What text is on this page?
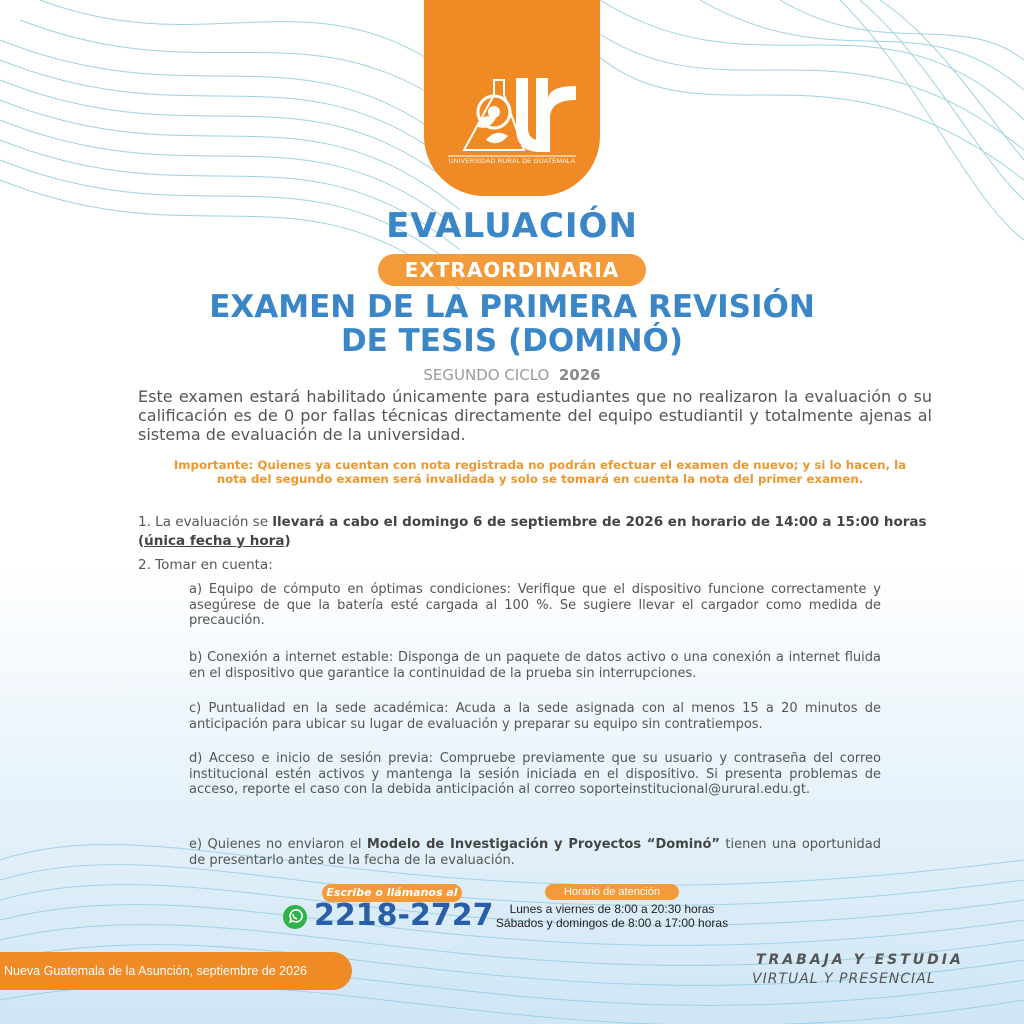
UNIVERSIDAD RURAL DE GUATEMALA
EVALUACIÓN
EXTRAORDINARIA
EXAMEN DE LA PRIMERA REVISIÓN
DE TESIS (DOMINÓ)
SEGUNDO CICLO 2026
Este examen estará habilitado únicamente para estudiantes que no realizaron la evaluación o su calificación es de 0 por fallas técnicas directamente del equipo estudiantil y totalmente ajenas al sistema de evaluación de la universidad.
Importante: Quienes ya cuentan con nota registrada no podrán efectuar el examen de nuevo; y si lo hacen, la nota del segundo examen será invalidada y solo se tomará en cuenta la nota del primer examen.
1. La evaluación se llevará a cabo el domingo 6 de septiembre de 2026 en horario de 14:00 a 15:00 horas (única fecha y hora)
2. Tomar en cuenta:
a) Equipo de cómputo en óptimas condiciones: Verifique que el dispositivo funcione correctamente y asegúrese de que la batería esté cargada al 100 %. Se sugiere llevar el cargador como medida de precaución.
b) Conexión a internet estable: Disponga de un paquete de datos activo o una conexión a internet fluida en el dispositivo que garantice la continuidad de la prueba sin interrupciones.
c) Puntualidad en la sede académica: Acuda a la sede asignada con al menos 15 a 20 minutos de anticipación para ubicar su lugar de evaluación y preparar su equipo sin contratiempos.
d) Acceso e inicio de sesión previa: Compruebe previamente que su usuario y contraseña del correo institucional estén activos y mantenga la sesión iniciada en el dispositivo. Si presenta problemas de acceso, reporte el caso con la debida anticipación al correo soporteinstitucional@urural.edu.gt.
e) Quienes no enviaron el Modelo de Investigación y Proyectos “Dominó” tienen una oportunidad de presentarlo antes de la fecha de la evaluación.
Escribe o llámanos al
2218-2727
Horario de atención
Lunes a viernes de 8:00 a 20:30 horas
Sábados y domingos de 8:00 a 17:00 horas
Nueva Guatemala de la Asunción, septiembre de 2026
TRABAJA Y ESTUDIA
VIRTUAL Y PRESENCIAL
